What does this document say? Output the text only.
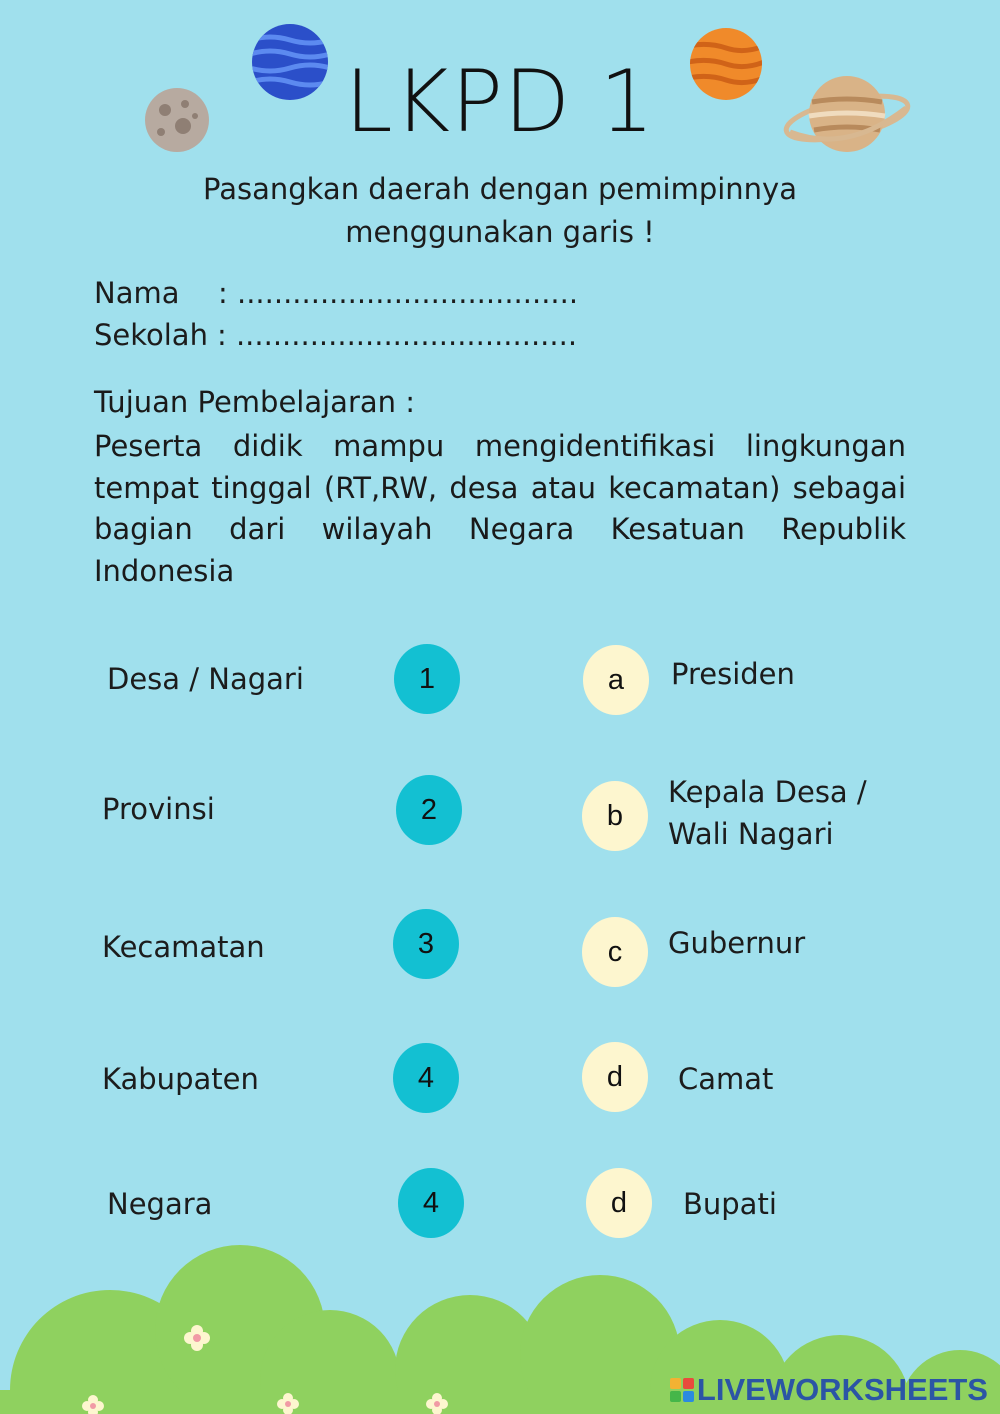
LKPD 1
Pasangkan daerah dengan pemimpinnya
menggunakan garis !
Nama : .....................................
Sekolah : .....................................
Tujuan Pembelajaran :
Peserta didik mampu mengidentifikasi lingkungan tempat tinggal (RT,RW, desa atau kecamatan) sebagai bagian dari wilayah Negara Kesatuan Republik Indonesia
Desa / Nagari
Provinsi
Kecamatan
Kabupaten
Negara
1
2
3
4
4
a
b
c
d
d
Presiden
Kepala Desa /
Wali Nagari
Gubernur
Camat
Bupati
LIVEWORKSHEETS
